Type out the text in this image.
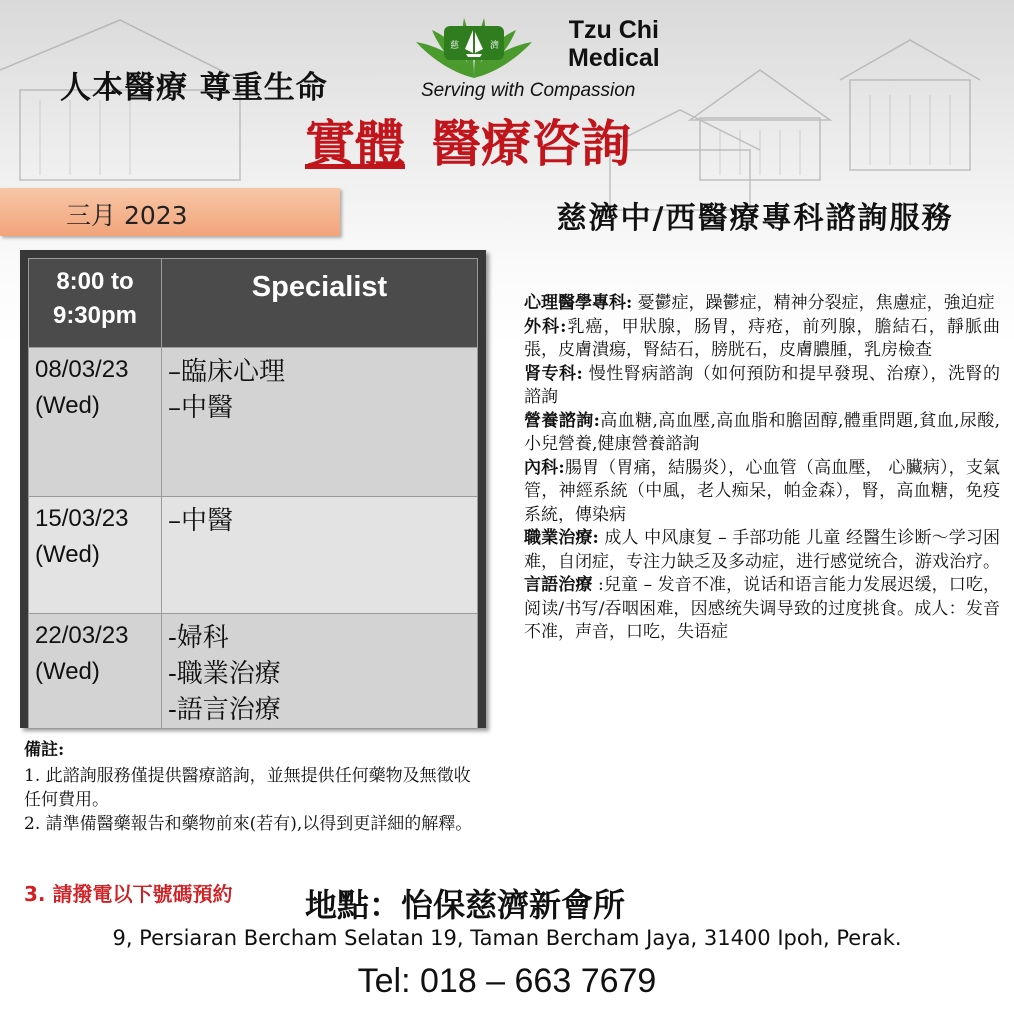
人本醫療 尊重生命
慈	濟
Tzu Chi
Medical
Serving with Compassion
實體 醫療咨詢
三月 2023	慈濟中/西醫療專科諮詢服務
8:00 to 9:30pm	Specialist
08/03/23 (Wed)	–臨床心理
–中醫

15/03/23 (Wed)	–中醫

22/03/23 (Wed)	-婦科
-職業治療
-語言治療
備註:
1. 此諮詢服務僅提供醫療諮詢，並無提供任何藥物及無徵收任何費用。
2. 請準備醫藥報告和藥物前來(若有),以得到更詳細的解釋。
3. 請撥電以下號碼預約
心理醫學專科: 憂鬱症，躁鬱症，精神分裂症，焦慮症，強迫症
外科:乳癌，甲狀腺，肠胃，痔疮，前列腺，膽結石，靜脈曲張，皮膚潰瘍，腎結石，膀胱石，皮膚膿腫，乳房檢查
肾专科: 慢性腎病諮詢（如何預防和提早發現、治療），洗腎的諮詢
營養諮詢:高血糖,高血壓,高血脂和膽固醇,體重問題,貧血,尿酸,小兒營養,健康營養諮詢
內科:腸胃（胃痛，結腸炎），心血管（高血壓， 心臟病），支氣管，神經系統（中風，老人痴呆，帕金森），腎，高血糖，免疫系統，傳染病
職業治療: 成人 中风康复 – 手部功能 儿童 经醫生诊断～学习困难，自闭症，专注力缺乏及多动症，进行感觉统合，游戏治疗。
言語治療 :兒童 – 发音不准，说话和语言能力发展迟缓，口吃，阅读/书写/吞咽困难，因感统失调导致的过度挑食。成人：发音不准，声音，口吃，失语症
地點：怡保慈濟新會所
9, Persiaran Bercham Selatan 19, Taman Bercham Jaya, 31400 Ipoh, Perak.
Tel: 018 – 663 7679
